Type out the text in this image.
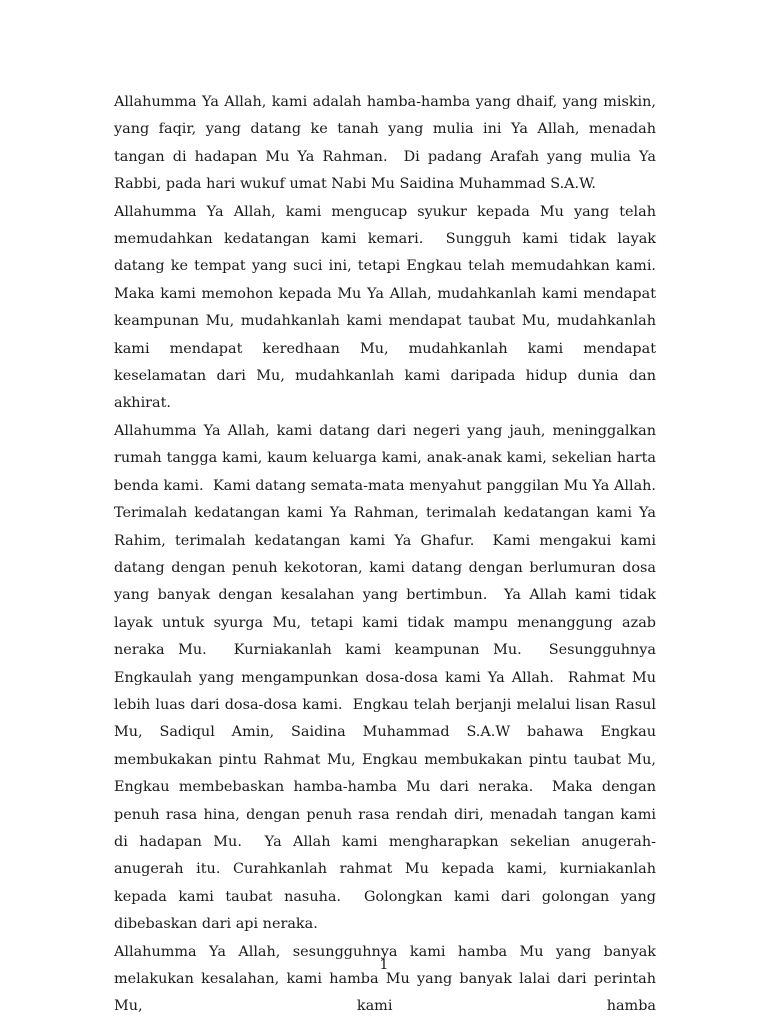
Allahumma Ya Allah, kami adalah hamba-hamba yang dhaif, yang miskin, yang faqir, yang datang ke tanah yang mulia ini Ya Allah, menadah tangan di hadapan Mu Ya Rahman.  Di padang Arafah yang mulia Ya Rabbi, pada hari wukuf umat Nabi Mu Saidina Muhammad S.A.W.

Allahumma Ya Allah, kami mengucap syukur kepada Mu yang telah memudahkan kedatangan kami kemari.  Sungguh kami tidak layak datang ke tempat yang suci ini, tetapi Engkau telah memudahkan kami.    Maka kami memohon kepada Mu Ya Allah, mudahkanlah kami mendapat keampunan Mu, mudahkanlah kami mendapat taubat Mu, mudahkanlah kami mendapat keredhaan Mu, mudahkanlah kami mendapat keselamatan dari Mu, mudahkanlah kami daripada hidup dunia dan akhirat.

Allahumma Ya Allah, kami datang dari negeri yang jauh, meninggalkan rumah tangga kami, kaum keluarga kami, anak-anak kami, sekelian harta benda kami.  Kami datang semata-mata menyahut panggilan Mu Ya Allah.    Terimalah kedatangan kami Ya Rahman, terimalah kedatangan kami Ya Rahim, terimalah kedatangan kami Ya Ghafur.  Kami mengakui kami datang dengan penuh kekotoran, kami datang dengan berlumuran dosa yang banyak dengan kesalahan yang bertimbun.  Ya Allah kami tidak layak untuk syurga Mu, tetapi kami tidak mampu menanggung azab neraka Mu.  Kurniakanlah kami keampunan Mu.  Sesungguhnya Engkaulah yang mengampunkan dosa-dosa kami Ya Allah.  Rahmat Mu lebih luas dari dosa-dosa kami.  Engkau telah berjanji melalui lisan Rasul Mu, Sadiqul Amin, Saidina Muhammad S.A.W bahawa Engkau membukakan pintu Rahmat Mu, Engkau membukakan pintu taubat Mu, Engkau membebaskan hamba-hamba Mu dari neraka.  Maka dengan penuh rasa hina, dengan penuh rasa rendah diri, menadah tangan kami di hadapan Mu.  Ya Allah kami mengharapkan sekelian anugerah-anugerah itu. Curahkanlah rahmat Mu kepada kami, kurniakanlah kepada kami taubat nasuha.  Golongkan kami dari golongan yang dibebaskan dari api neraka.

Allahumma Ya Allah, sesungguhnya kami hamba Mu yang banyak melakukan kesalahan, kami hamba Mu yang banyak lalai dari perintah Mu, kami hamba

1
